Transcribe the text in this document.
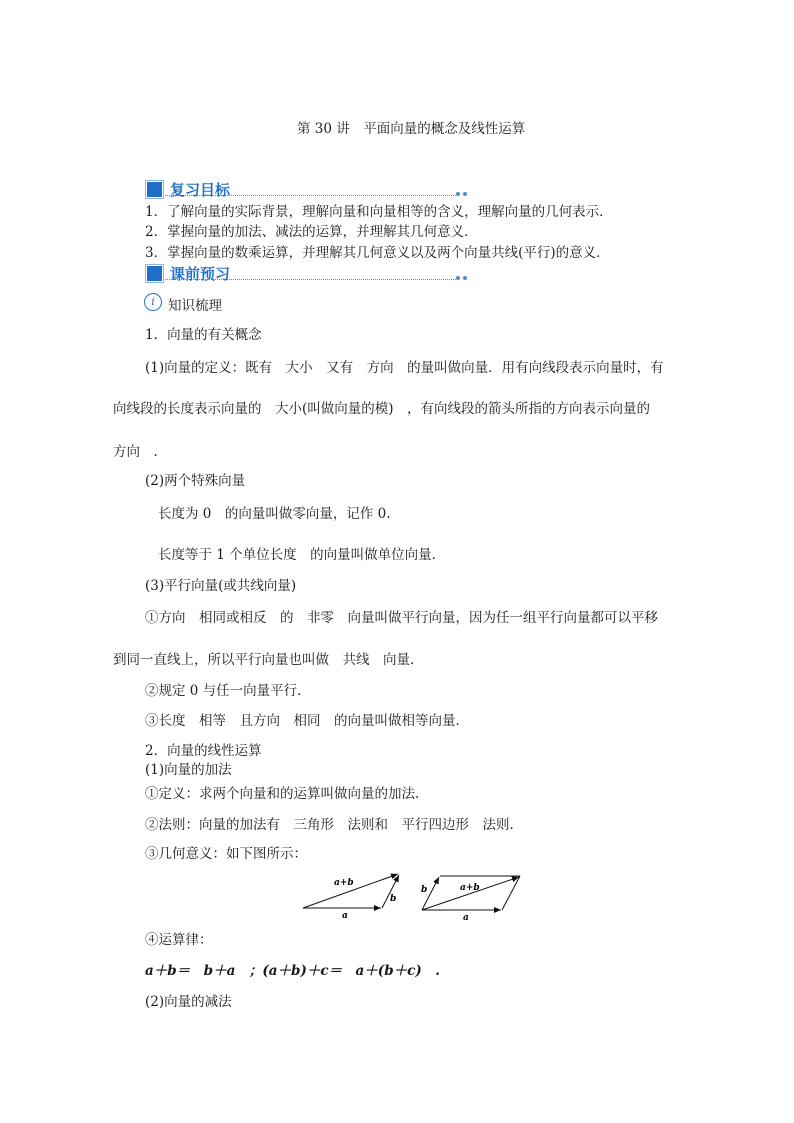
第 30 讲　平面向量的概念及线性运算
复习目标
1．了解向量的实际背景，理解向量和向量相等的含义，理解向量的几何表示．
2．掌握向量的加法、减法的运算，并理解其几何意义．
3．掌握向量的数乘运算，并理解其几何意义以及两个向量共线(平行)的意义．
课前预习
i 知识梳理
1．向量的有关概念
(1)向量的定义：既有　大小　又有　方向　的量叫做向量．用有向线段表示向量时，有
向线段的长度表示向量的　大小(叫做向量的模)　，有向线段的箭头所指的方向表示向量的
方向　.
(2)两个特殊向量
长度为 0　的向量叫做零向量，记作 0.
长度等于 1 个单位长度　的向量叫做单位向量．
(3)平行向量(或共线向量)
①方向　相同或相反　的　非零　向量叫做平行向量，因为任一组平行向量都可以平移
到同一直线上，所以平行向量也叫做　共线　向量．
②规定 0 与任一向量平行．
③长度　相等　且方向　相同　的向量叫做相等向量．
2．向量的线性运算
(1)向量的加法
①定义：求两个向量和的运算叫做向量的加法.
②法则：向量的加法有　三角形　法则和　平行四边形　法则．
③几何意义：如下图所示：
a+b
a
b
a+b
a
b
④运算律：
a＋b＝　b＋a　；(a＋b)＋c＝　a＋(b＋c)　.
(2)向量的减法
